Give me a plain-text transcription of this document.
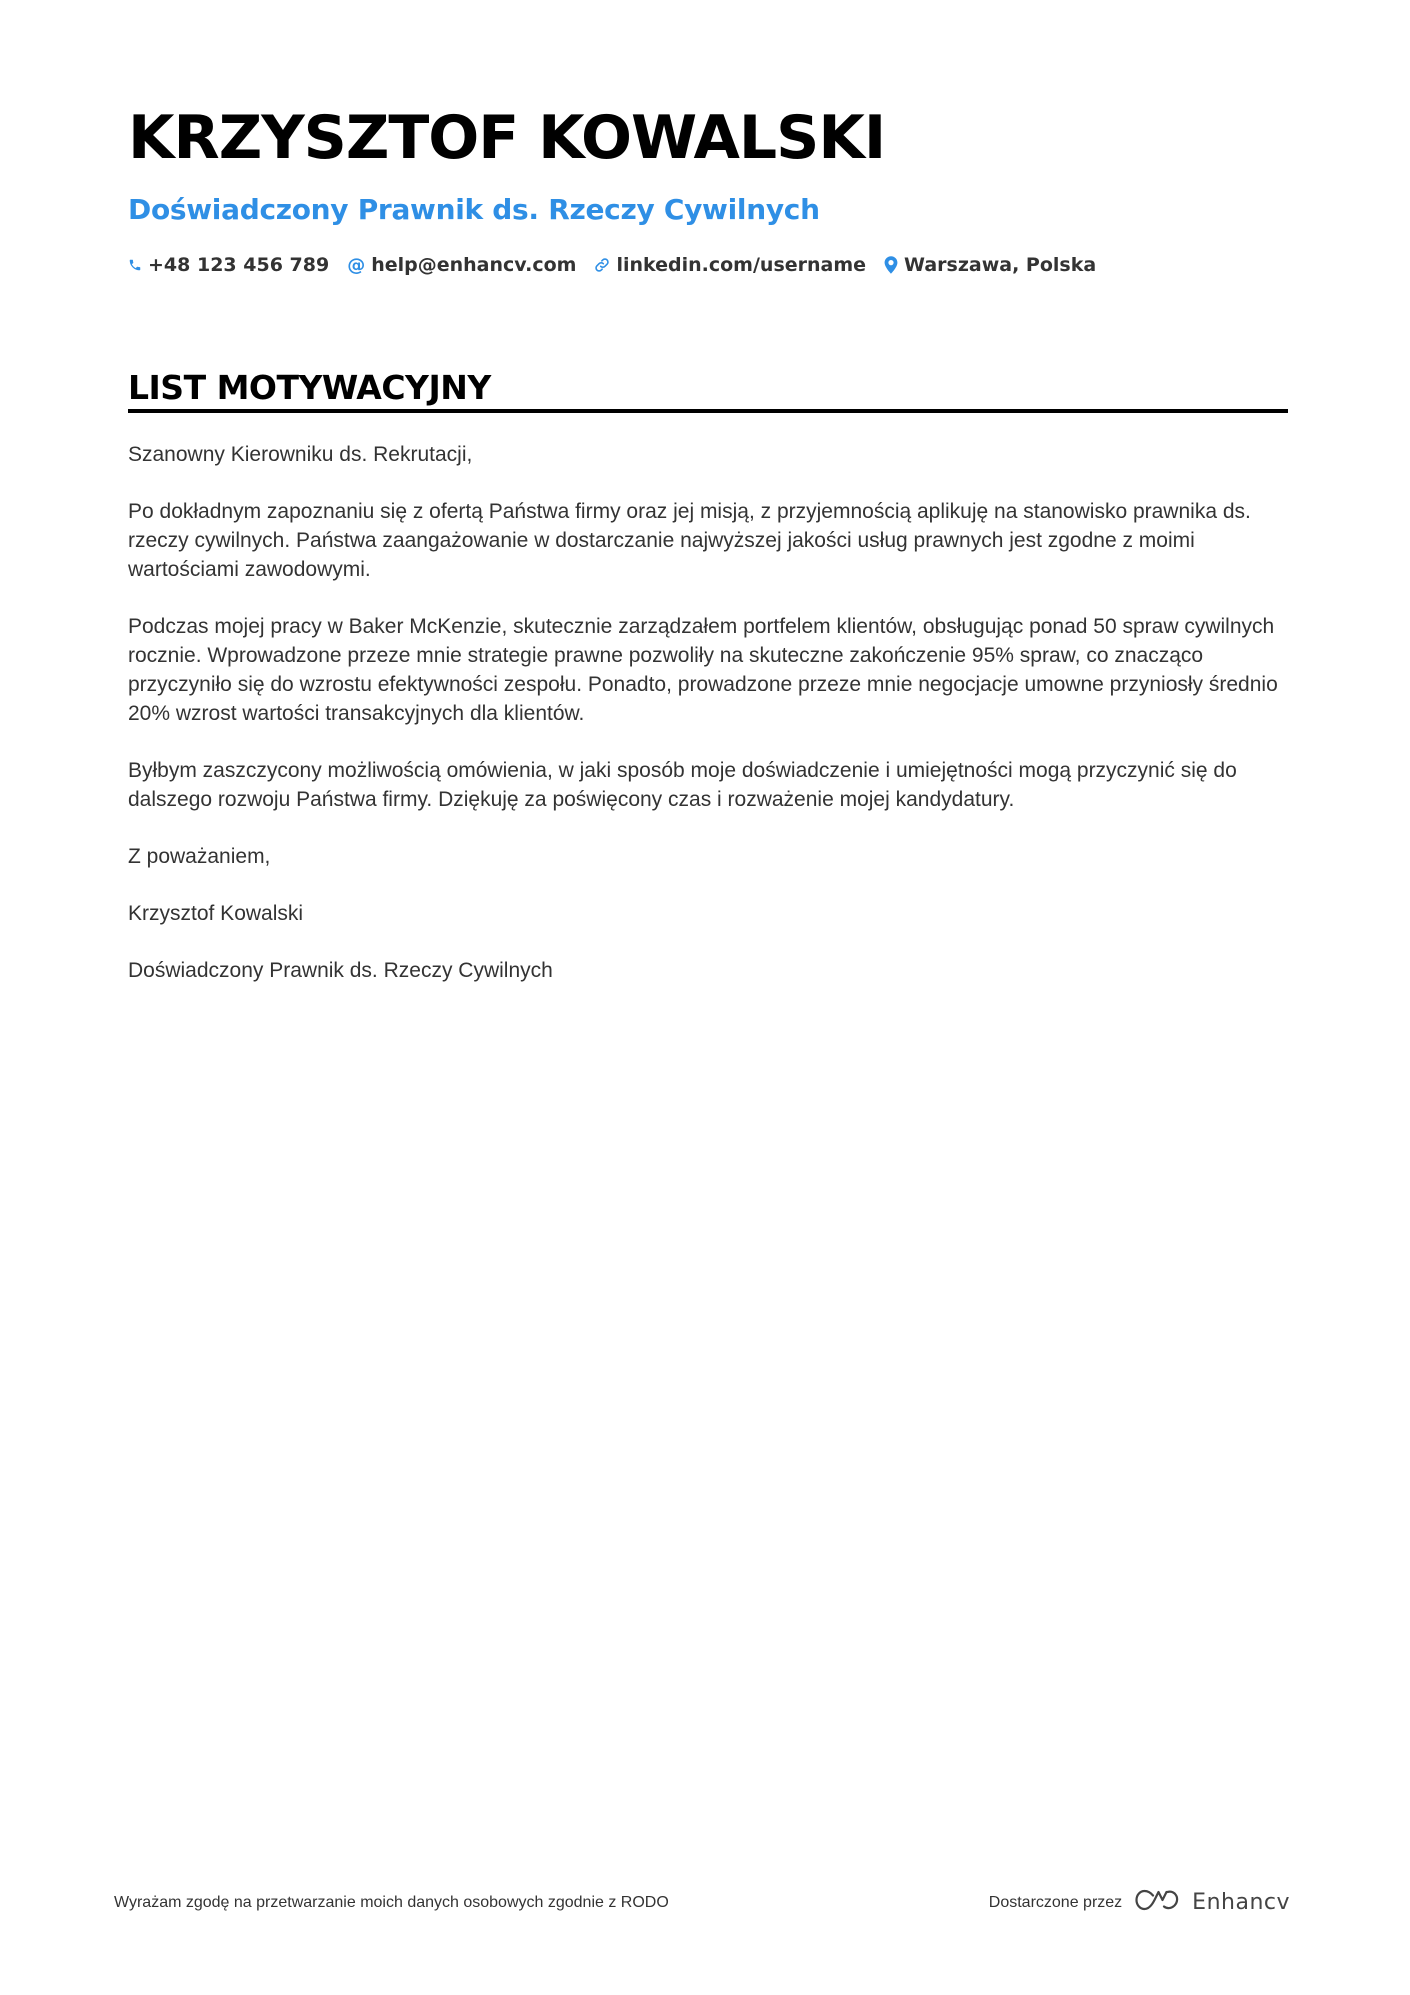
KRZYSZTOF KOWALSKI
Doświadczony Prawnik ds. Rzeczy Cywilnych
+48 123 456 789 @ help@enhancv.com linkedin.com/username Warszawa, Polska
LIST MOTYWACYJNY

Szanowny Kierowniku ds. Rekrutacji,

Po dokładnym zapoznaniu się z ofertą Państwa firmy oraz jej misją, z przyjemnością aplikuję na stanowisko prawnika ds. rzeczy cywilnych. Państwa zaangażowanie w dostarczanie najwyższej jakości usług prawnych jest zgodne z moimi wartościami zawodowymi.

Podczas mojej pracy w Baker McKenzie, skutecznie zarządzałem portfelem klientów, obsługując ponad 50 spraw cywilnych rocznie. Wprowadzone przeze mnie strategie prawne pozwoliły na skuteczne zakończenie 95% spraw, co znacząco przyczyniło się do wzrostu efektywności zespołu. Ponadto, prowadzone przeze mnie negocjacje umowne przyniosły średnio 20% wzrost wartości transakcyjnych dla klientów.

Byłbym zaszczycony możliwością omówienia, w jaki sposób moje doświadczenie i umiejętności mogą przyczynić się do dalszego rozwoju Państwa firmy. Dziękuję za poświęcony czas i rozważenie mojej kandydatury.

Z poważaniem,

Krzysztof Kowalski

Doświadczony Prawnik ds. Rzeczy Cywilnych

Wyrażam zgodę na przetwarzanie moich danych osobowych zgodnie z RODO	Dostarczone przez	Enhancv
